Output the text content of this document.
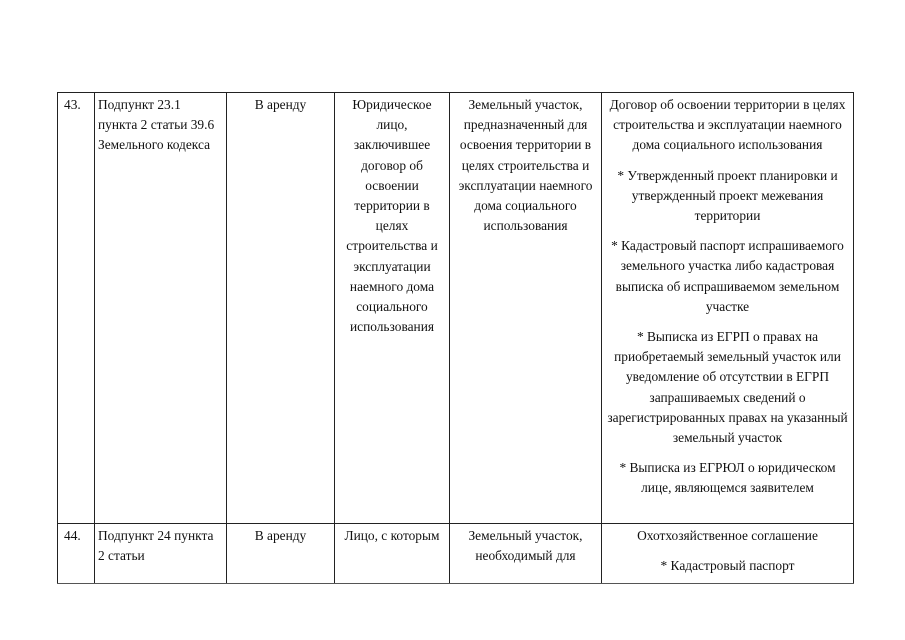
43.	Подпункт 23.1 пункта 2 статьи 39.6 Земельного кодекса	В аренду	Юридическое лицо, заключившее договор об освоении территории в целях строительства и эксплуатации наемного дома социального использования	Земельный участок, предназначенный для освоения территории в целях строительства и эксплуатации наемного дома социального использования	Договор об освоении территории в целях строительства и эксплуатации наемного дома социального использования
* Утвержденный проект планировки и утвержденный проект межевания территории
* Кадастровый паспорт испрашиваемого земельного участка либо кадастровая выписка об испрашиваемом земельном участке
* Выписка из ЕГРП о правах на приобретаемый земельный участок или уведомление об отсутствии в ЕГРП запрашиваемых сведений о зарегистрированных правах на указанный земельный участок
* Выписка из ЕГРЮЛ о юридическом лице, являющемся заявителем

44.	Подпункт 24 пункта 2 статьи	В аренду	Лицо, с которым	Земельный участок, необходимый для	Охотхозяйственное соглашение
* Кадастровый паспорт
